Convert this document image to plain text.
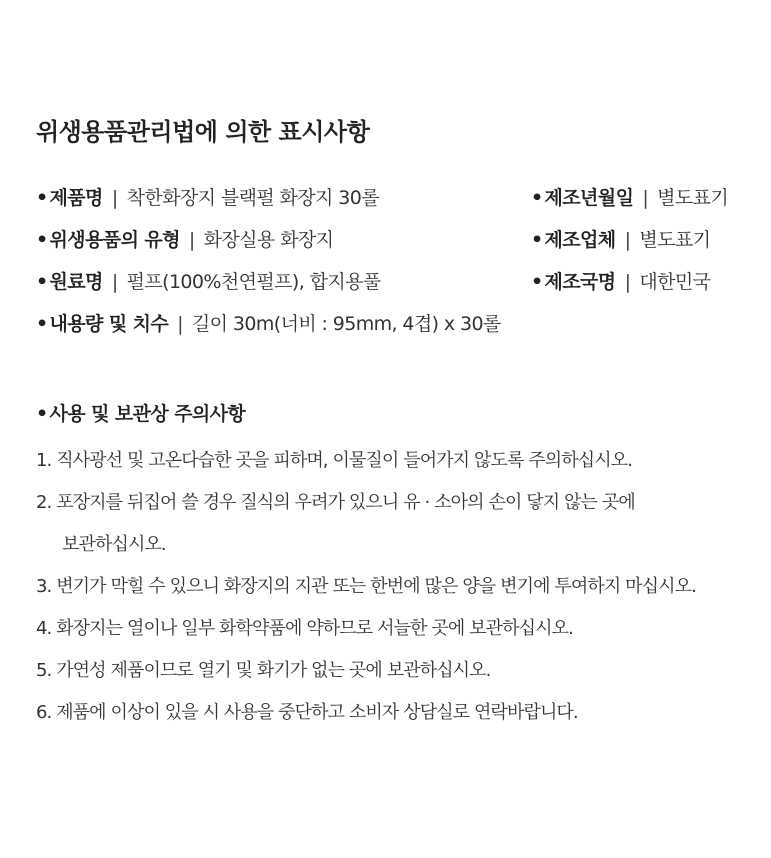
위생용품관리법에 의한 표시사항
• 제품명 | 착한화장지 블랙펄 화장지 30롤
• 위생용품의 유형 | 화장실용 화장지
• 원료명 | 펄프(100%천연펄프), 합지용풀
• 내용량 및 치수 | 길이 30m(너비 : 95mm, 4겹) x 30롤
• 제조년월일 | 별도표기
• 제조업체 | 별도표기
• 제조국명 | 대한민국
• 사용 및 보관상 주의사항
1. 직사광선 및 고온다습한 곳을 피하며, 이물질이 들어가지 않도록 주의하십시오.
2. 포장지를 뒤집어 쓸 경우 질식의 우려가 있으니 유 · 소아의 손이 닿지 않는 곳에
보관하십시오.
3. 변기가 막힐 수 있으니 화장지의 지관 또는 한번에 많은 양을 변기에 투여하지 마십시오.
4. 화장지는 열이나 일부 화학약품에 약하므로 서늘한 곳에 보관하십시오.
5. 가연성 제품이므로 열기 및 화기가 없는 곳에 보관하십시오.
6. 제품에 이상이 있을 시 사용을 중단하고 소비자 상담실로 연락바랍니다.
